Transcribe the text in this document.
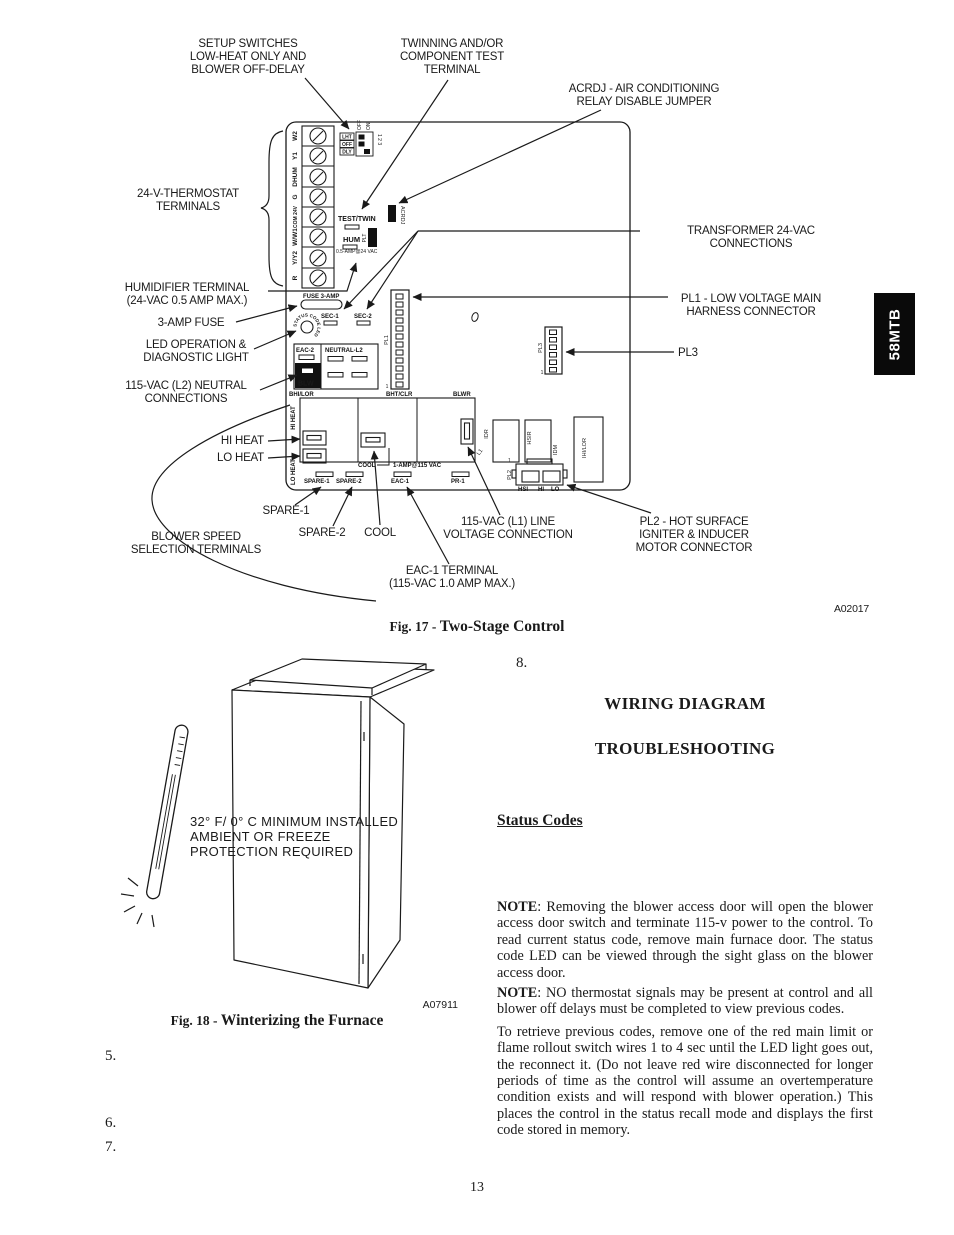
W2
Y1
DHUM
G
COM 24V
W/W1
Y/Y2
R
LHT
OFF
DLY
OFF ON
1 2 3
TEST/TWIN
HUM PLT
ACRDJ
0.5-AMP@24 VAC
FUSE 3-AMP
STATUS CODE LED
SEC-1	SEC-2
PL1
1
PL3
1
EAC-2
BLW
NEUTRAL-L2
BHI/LOR	BHT/CLR	BLWR
HI HEAT
LO HEAT
L1
COOL	1-AMP@115 VAC
SPARE-1 SPARE-2	EAC-1	PR-1
IDR	HSIR
IDM	IHI/LOR
1
PL2
HSI HI LO
SETUP SWITCHES
LOW-HEAT ONLY AND
BLOWER OFF-DELAY
TWINNING AND/OR
COMPONENT TEST
TERMINAL
ACRDJ - AIR CONDITIONING
RELAY DISABLE JUMPER
24-V-THERMOSTAT
TERMINALS
TRANSFORMER 24-VAC
CONNECTIONS
HUMIDIFIER TERMINAL
(24-VAC 0.5 AMP MAX.)
3-AMP FUSE
LED OPERATION &
DIAGNOSTIC LIGHT
115-VAC (L2) NEUTRAL
CONNECTIONS
PL1 - LOW VOLTAGE MAIN
HARNESS CONNECTOR
PL3
HI HEAT
LO HEAT
SPARE-1
SPARE-2 COOL
BLOWER SPEED
SELECTION TERMINALS
115-VAC (L1) LINE
VOLTAGE CONNECTION
PL2 - HOT SURFACE
IGNITER & INDUCER
MOTOR CONNECTOR
EAC-1 TERMINAL
(115-VAC 1.0 AMP MAX.)
A02017
Fig. 17 - Two-Stage Control
32° F/ 0° C MINIMUM INSTALLED
AMBIENT OR FREEZE
PROTECTION REQUIRED
A07911
Fig. 18 - Winterizing the Furnace
8.
WIRING DIAGRAM
TROUBLESHOOTING
Status Codes

NOTE: Removing the blower access door will open the blower access door switch and terminate 115-v power to the control. To read current status code, remove main furnace door. The status code LED can be viewed through the sight glass on the blower access door.

NOTE: NO thermostat signals may be present at control and all blower off delays must be completed to view previous codes.

To retrieve previous codes, remove one of the red main limit or flame rollout switch wires 1 to 4 sec until the LED light goes out, the reconnect it. (Do not leave red wire disconnected for longer periods of time as the control will assume an overtemperature condition exists and will respond with blower operation.) This places the control in the status recall mode and displays the first code stored in memory.

5.
6.
7.
13
58MTB
